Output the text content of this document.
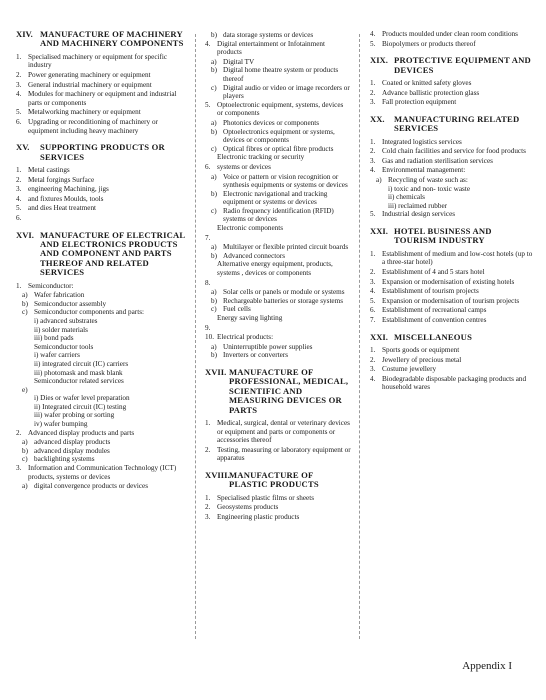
XIV. MANUFACTURE OF MACHINERY AND MACHINERY COMPONENTS
1. Specialised machinery or equipment for specific industry
2. Power generating machinery or equipment
3. General industrial machinery or equipment
4. Modules for machinery or equipment and industrial parts or components
5. Metalworking machinery or equipment
6. Upgrading or reconditioning of machinery or equipment including heavy machinery
XV.	SUPPORTING PRODUCTS OR SERVICES
1. Metal castings
2. Metal forgings Surface
3. engineering Machining, jigs
4. and fixtures Moulds, tools
5. and dies Heat treatment
6.
XVI. MANUFACTURE OF ELECTRICAL AND ELECTRONICS PRODUCTS AND COMPONENT AND PARTS THEREOF AND RELATED SERVICES
1. Semiconductor:
a) Wafer fabrication
b) Semiconductor assembly
c) Semiconductor components and parts:
i) advanced substrates
ii) solder materials
iii) bond pads
Semiconductor tools
i) wafer carriers
ii) integrated circuit (IC) carriers
iii) photomask and mask blank
Semiconductor related services
e)
i) Dies or wafer level preparation
ii) Integrated circuit (IC) testing
iii) wafer probing or sorting
iv) wafer bumping
2. Advanced display products and parts
a) advanced display products
b) advanced display modules
c) backlighting systems
3. Information and Communication Technology (ICT) products, systems or devices
a) digital convergence products or devices
b) data storage systems or devices
4. Digital entertainment or Infotainment products
a) Digital TV
b) Digital home theatre system or products thereof
c) Digital audio or video or image recorders or players
5. Optoelectronic equipment, systems, devices or components
a) Photonics devices or components
b) Optoelectronics equipment or systems, devices or components
c) Optical fibres or optical fibre products
Electronic tracking or security
6. systems or devices
a) Voice or pattern or vision recognition or synthesis equipments or systems or devices
b) Electronic navigational and tracking equipment or systems or devices
c) Radio frequency identification (RFID) systems or devices
Electronic components
7.
a) Multilayer or flexible printed circuit boards
b) Advanced connectors
Alternative energy equipment, products, systems , devices or components
8.
a) Solar cells or panels or module or systems
b) Rechargeable batteries or storage systems
c) Fuel cells
Energy saving lighting
9.
10. Electrical products:
a) Uninterruptible power supplies
b) Inverters or converters
XVII. MANUFACTURE OF PROFESSIONAL, MEDICAL, SCIENTIFIC AND MEASURING DEVICES OR PARTS
1. Medical, surgical, dental or veterinary devices or equipment and parts or components or accessories thereof
2. Testing, measuring or laboratory equipment or apparatus
XVIII. MANUFACTURE OF PLASTIC PRODUCTS
1. Specialised plastic films or sheets
2. Geosystems products
3. Engineering plastic products
4. Products moulded under clean room conditions
5. Biopolymers or products thereof
XIX. PROTECTIVE EQUIPMENT AND DEVICES
1. Coated or knitted safety gloves
2. Advance ballistic protection glass
3. Fall protection equipment
XX.	MANUFACTURING RELATED SERVICES
1. Integrated logistics services
2. Cold chain facilities and service for food products
3. Gas and radiation sterilisation services
4. Environmental management:
a) Recycling of waste such as:
i) toxic and non- toxic waste
ii) chemicals
iii) reclaimed rubber
5. Industrial design services
XXI. HOTEL BUSINESS AND TOURISM INDUSTRY
1. Establishment of medium and low-cost hotels (up to a three-star hotel)
2. Establishment of 4 and 5 stars hotel
3. Expansion or modernisation of existing hotels
4. Establishment of tourism projects
5. Expansion or modernisation of tourism projects
6. Establishment of recreational camps
7. Establishment of convention centres
XXI. MISCELLANEOUS
1. Sports goods or equipment
2. Jewellery of precious metal
3. Costume jewellery
4. Biodegradable disposable packaging products and household wares
Appendix I
